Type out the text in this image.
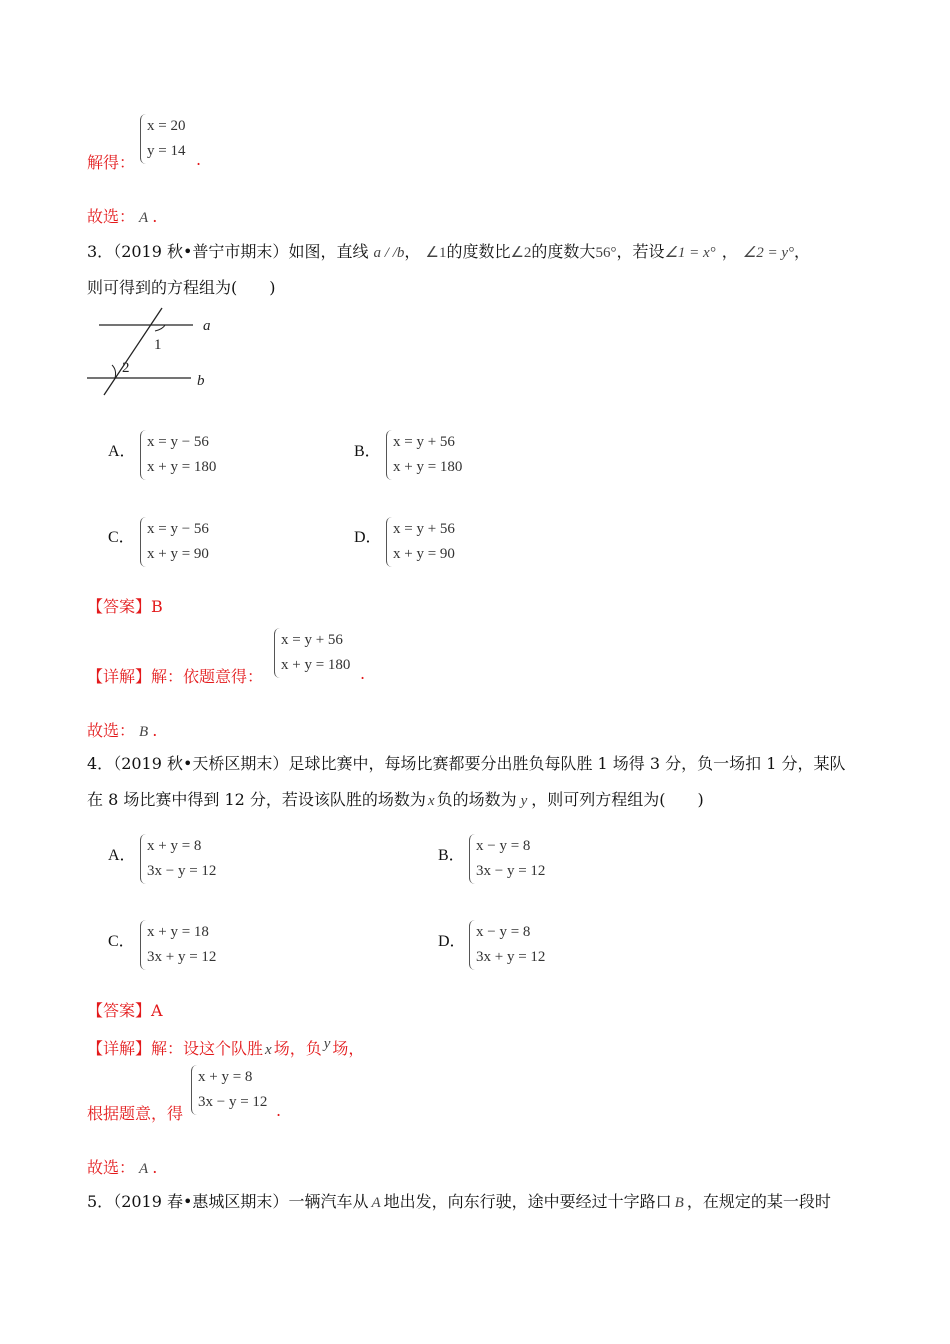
x = 20
y = 14
解得：	.
故选： A .
3．（2019 秋•普宁市期末）如图，直线 a / /b， ∠1的度数比∠2的度数大56°，若设∠1 = x° ， ∠2 = y°，
则可得到的方程组为(　　)
a
b
1
2
A．
x = y − 56
x + y = 180
B．
x = y + 56
x + y = 180
C． x = y − 56
x + y = 90
D． x = y + 56
x + y = 90
【答案】B
【详解】解：依题意得：
x = y + 56
x + y = 180 .
故选： B .
4．（2019 秋•天桥区期末）足球比赛中，每场比赛都要分出胜负每队胜 1 场得 3 分，负一场扣 1 分，某队
在 8 场比赛中得到 12 分，若设该队胜的场数为 x 负的场数为 y ，则可列方程组为(　　)
A．
x + y = 8
3x − y = 12
B．
x − y = 8
3x − y = 12
C．
x + y = 18
3x + y = 12
D．
x − y = 8
3x + y = 12
【答案】A
【详解】解：设这个队胜 x 场，负 y 场，
根据题意，得
x + y = 8
3x − y = 12 .
故选： A .
5．（2019 春•惠城区期末）一辆汽车从 A 地出发，向东行驶，途中要经过十字路口 B ，在规定的某一段时
